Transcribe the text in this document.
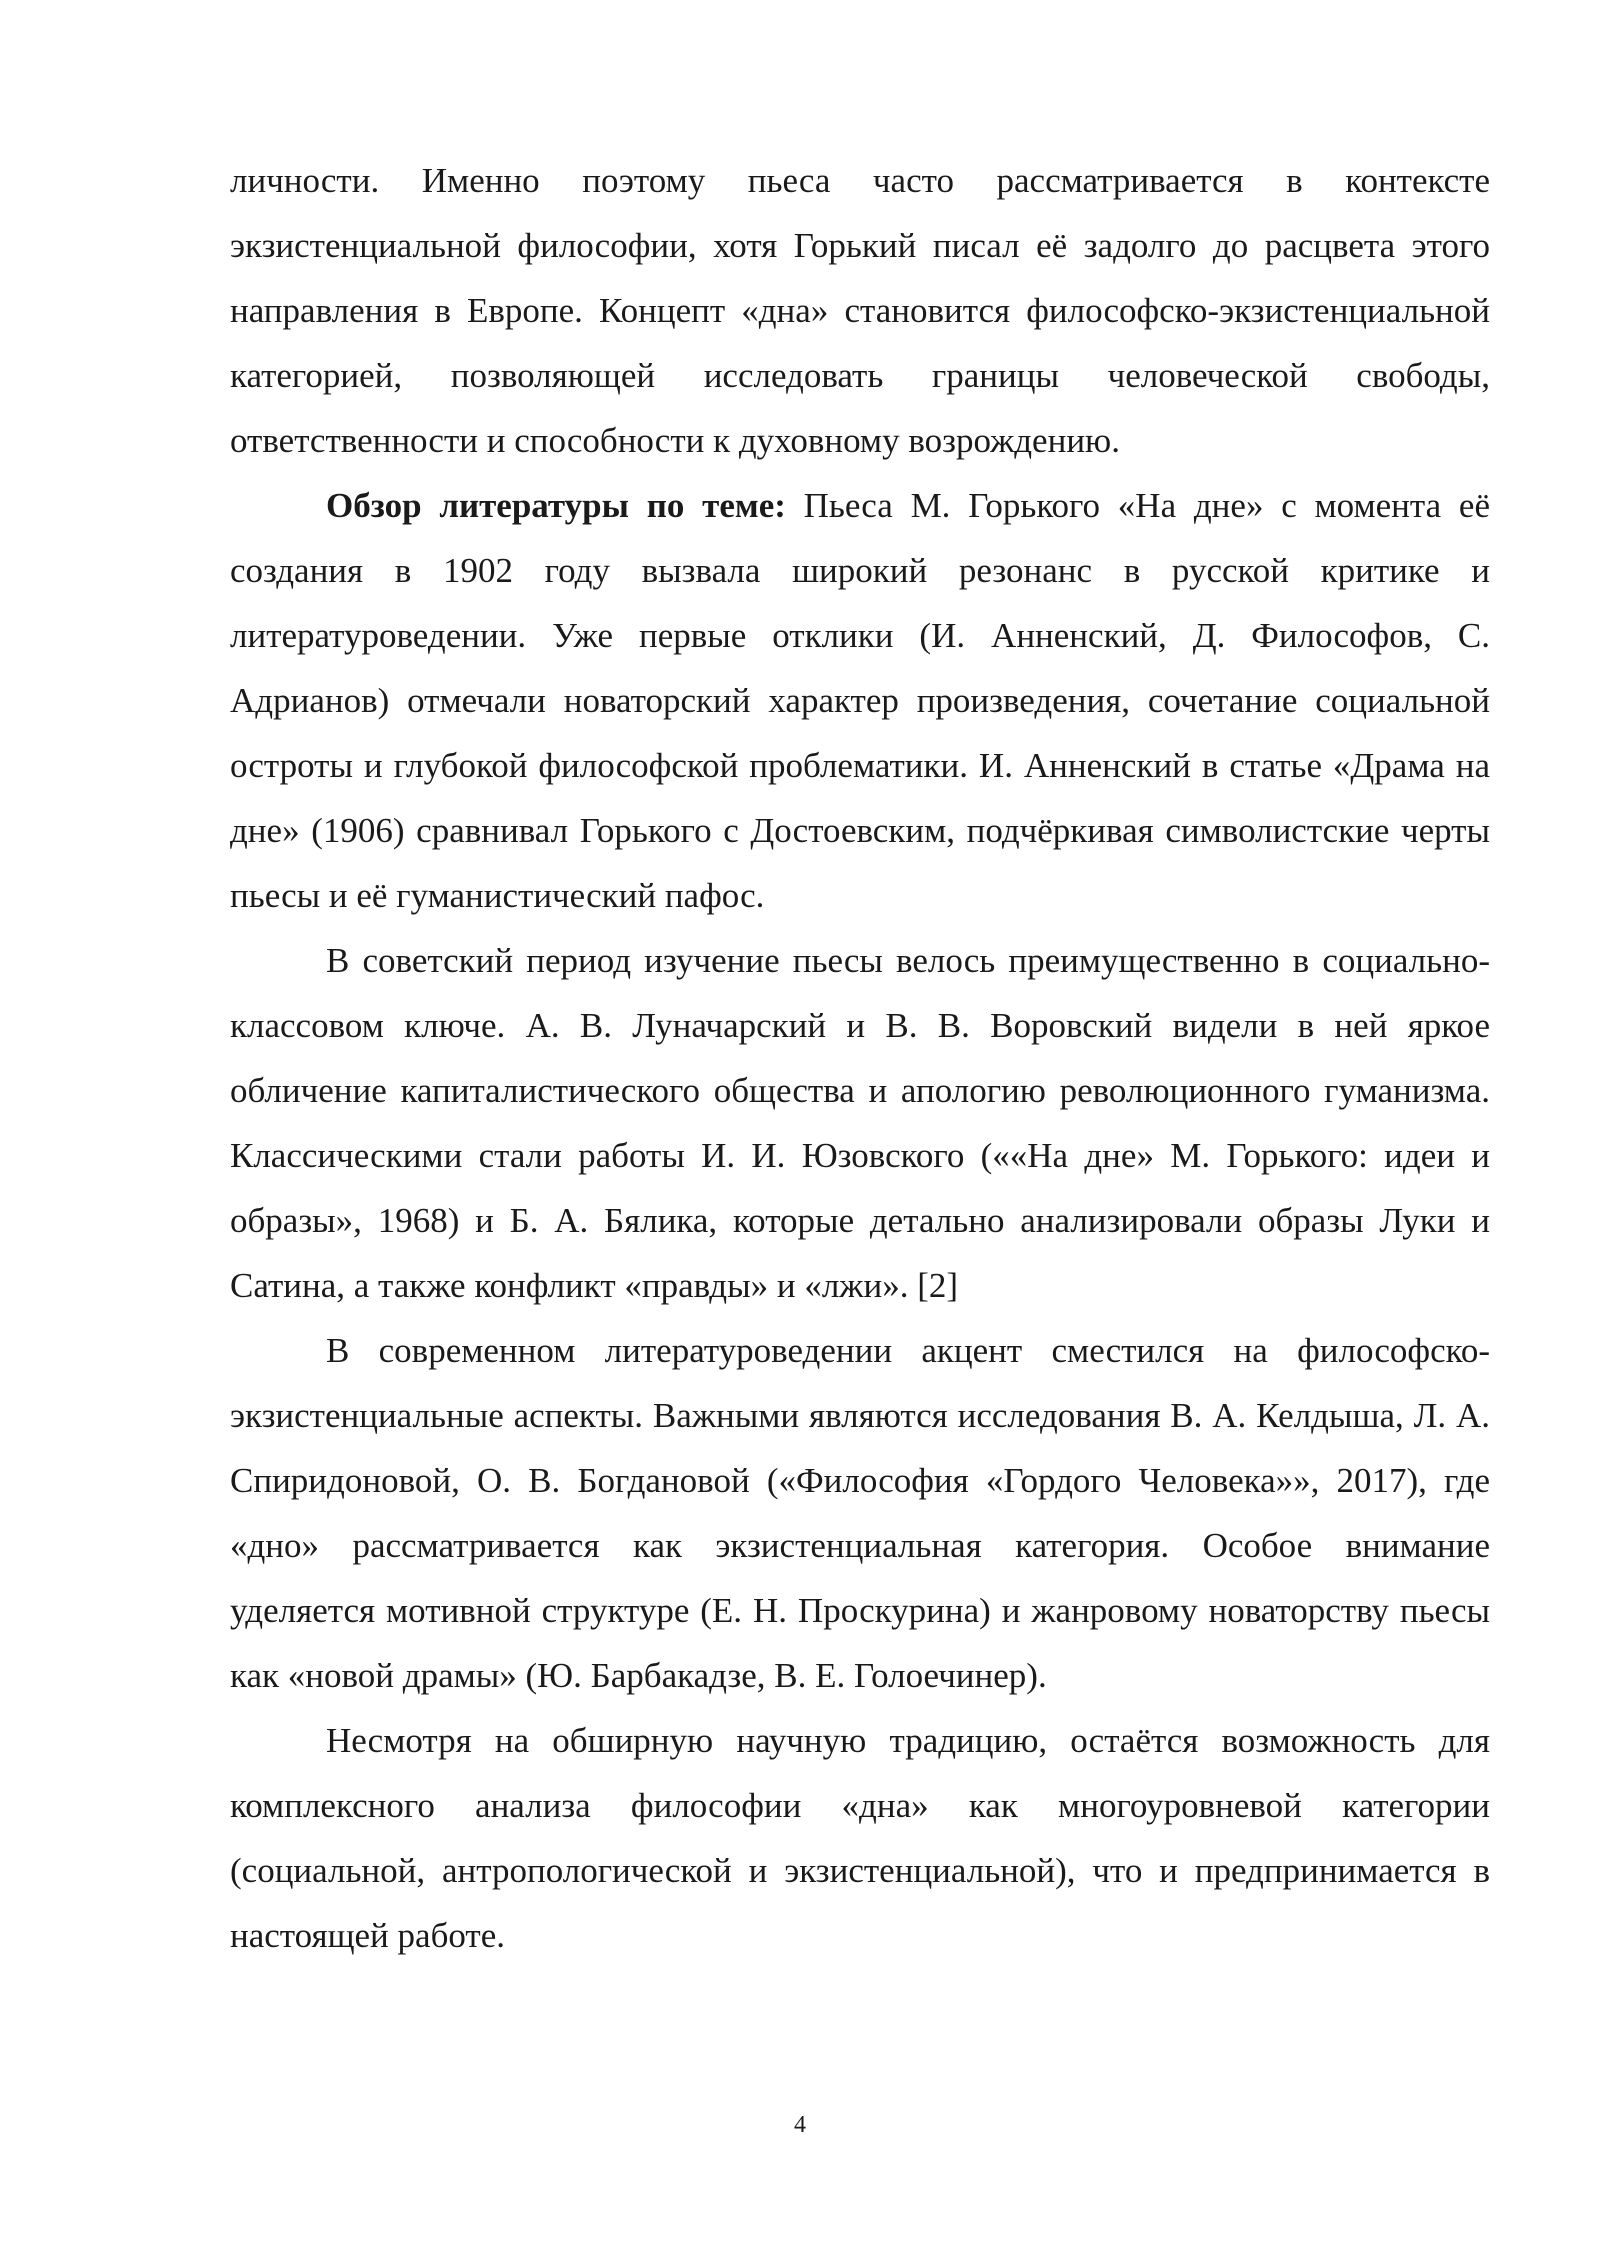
личности. Именно поэтому пьеса часто рассматривается в контексте экзистенциальной философии, хотя Горький писал её задолго до расцвета этого направления в Европе. Концепт «дна» становится философско-экзистенциальной категорией, позволяющей исследовать границы человеческой свободы, ответственности и способности к духовному возрождению.

Обзор литературы по теме: Пьеса М. Горького «На дне» с момента её создания в 1902 году вызвала широкий резонанс в русской критике и литературоведении. Уже первые отклики (И. Анненский, Д. Философов, С. Адрианов) отмечали новаторский характер произведения, сочетание социальной остроты и глубокой философской проблематики. И. Анненский в статье «Драма на дне» (1906) сравнивал Горького с Достоевским, подчёркивая символистские черты пьесы и её гуманистический пафос.

В советский период изучение пьесы велось преимущественно в социально-классовом ключе. А. В. Луначарский и В. В. Воровский видели в ней яркое обличение капиталистического общества и апологию революционного гуманизма. Классическими стали работы И. И. Юзовского (««На дне» М. Горького: идеи и образы», 1968) и Б. А. Бялика, которые детально анализировали образы Луки и Сатина, а также конфликт «правды» и «лжи». [2]

В современном литературоведении акцент сместился на философско-экзистенциальные аспекты. Важными являются исследования В. А. Келдыша, Л. А. Спиридоновой, О. В. Богдановой («Философия «Гордого Человека»», 2017), где «дно» рассматривается как экзистенциальная категория. Особое внимание уделяется мотивной структуре (Е. Н. Проскурина) и жанровому новаторству пьесы как «новой драмы» (Ю. Барбакадзе, В. Е. Голоечинер).

Несмотря на обширную научную традицию, остаётся возможность для комплексного анализа философии «дна» как многоуровневой категории (социальной, антропологической и экзистенциальной), что и предпринимается в настоящей работе.

4
